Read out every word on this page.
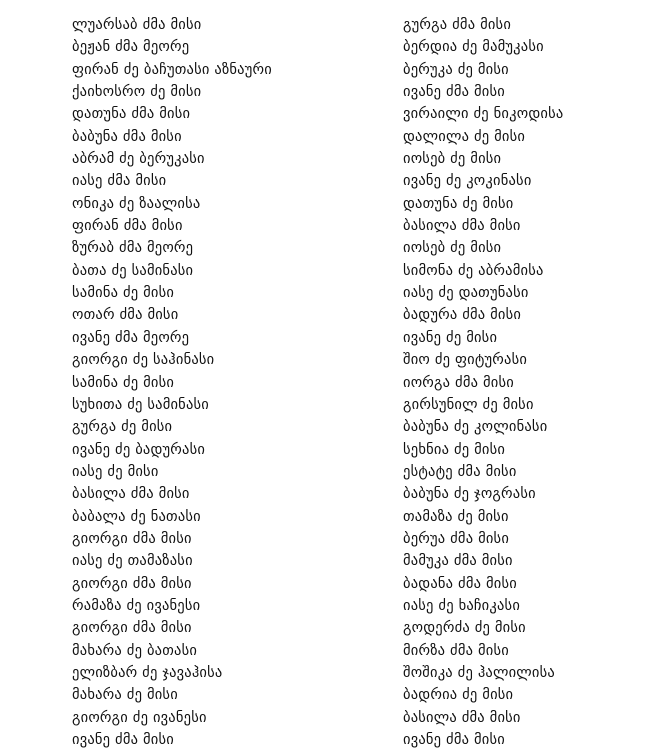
ლუარსაბ ძმა მისი
ბეჟან ძმა მეორე
ფირან ძე ბაჩუთასი აზნაური
ქაიხოსრო ძე მისი
დათუნა ძმა მისი
ბაბუნა ძმა მისი
აბრამ ძე ბერუკასი
იასე ძმა მისი
ონიკა ძე ზაალისა
ფირან ძმა მისი
ზურაბ ძმა მეორე
ბათა ძე სამინასი
სამინა ძე მისი
ოთარ ძმა მისი
ივანე ძმა მეორე
გიორგი ძე საჰინასი
სამინა ძე მისი
სუხითა ძე სამინასი
გურგა ძე მისი
ივანე ძე ბადურასი
იასე ძე მისი
ბასილა ძმა მისი
ბაბალა ძე ნათასი
გიორგი ძმა მისი
იასე ძე თამაზასი
გიორგი ძმა მისი
რამაზა ძე ივანესი
გიორგი ძმა მისი
მახარა ძე ბათასი
ელიზბარ ძე ჯავაჰისა
მახარა ძე მისი
გიორგი ძე ივანესი
ივანე ძმა მისი
გურგა ძმა მისი
ბერდია ძე მამუკასი
ბერუკა ძე მისი
ივანე ძმა მისი
ვირაილი ძე ნიკოდისა
დალილა ძე მისი
იოსებ ძე მისი
ივანე ძე კოკინასი
დათუნა ძე მისი
ბასილა ძმა მისი
იოსებ ძე მისი
სიმონა ძე აბრამისა
იასე ძე დათუნასი
ბადურა ძმა მისი
ივანე ძე მისი
შიო ძე ფიტურასი
იორგა ძმა მისი
გირსუნილ ძე მისი
ბაბუნა ძე კოლინასი
სეხნია ძე მისი
ესტატე ძმა მისი
ბაბუნა ძე ჯოგრასი
თამაზა ძე მისი
ბერუა ძმა მისი
მამუკა ძმა მისი
ბადანა ძმა მისი
იასე ძე ხაჩიკასი
გოდერძა ძე მისი
მირზა ძმა მისი
შოშიკა ძე ჰალილისა
ბადრია ძე მისი
ბასილა ძმა მისი
ივანე ძმა მისი
